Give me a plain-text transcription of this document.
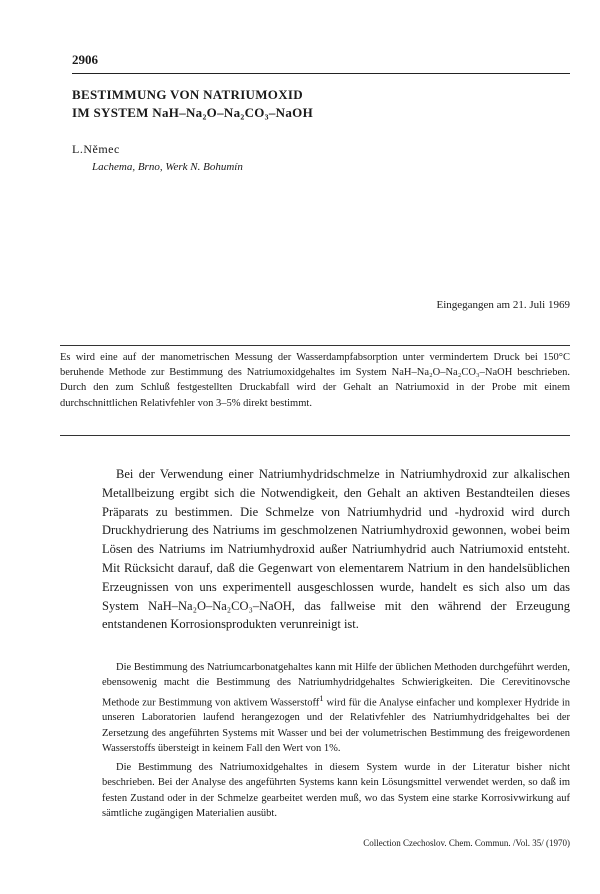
2906
BESTIMMUNG VON NATRIUMOXID
IM SYSTEM NaH–Na₂O–Na₂CO₃–NaOH
L.Němec
Lachema, Brno, Werk N. Bohumín
Eingegangen am 21. Juli 1969
Es wird eine auf der manometrischen Messung der Wasserdampfabsorption unter vermindertem Druck bei 150°C beruhende Methode zur Bestimmung des Natriumoxidgehaltes im System NaH–Na₂O–Na₂CO₃–NaOH beschrieben. Durch den zum Schluß festgestellten Druckabfall wird der Gehalt an Natriumoxid in der Probe mit einem durchschnittlichen Relativfehler von 3–5% direkt bestimmt.

Bei der Verwendung einer Natriumhydridschmelze in Natriumhydroxid zur alkalischen Metallbeizung ergibt sich die Notwendigkeit, den Gehalt an aktiven Bestandteilen dieses Präparats zu bestimmen. Die Schmelze von Natriumhydrid und -hydroxid wird durch Druckhydrierung des Natriums im geschmolzenen Natriumhydroxid gewonnen, wobei beim Lösen des Natriums im Natriumhydroxid außer Natriumhydrid auch Natriumoxid entsteht. Mit Rücksicht darauf, daß die Gegenwart von elementarem Natrium in den handelsüblichen Erzeugnissen von uns experimentell ausgeschlossen wurde, handelt es sich also um das System NaH–Na₂O–Na₂CO₃–NaOH, das fallweise mit den während der Erzeugung entstandenen Korrosionsprodukten verunreinigt ist.

Die Bestimmung des Natriumcarbonatgehaltes kann mit Hilfe der üblichen Methoden durchgeführt werden, ebensowenig macht die Bestimmung des Natriumhydridgehaltes Schwierigkeiten. Die Cerevitinovsche Methode zur Bestimmung von aktivem Wasserstoff$^1$ wird für die Analyse einfacher und komplexer Hydride in unseren Laboratorien laufend herangezogen und der Relativfehler des Natriumhydridgehaltes bei der Zersetzung des angeführten Systems mit Wasser und bei der volumetrischen Bestimmung des freigewordenen Wasserstoffs übersteigt in keinem Fall den Wert von 1%.

Die Bestimmung des Natriumoxidgehaltes in diesem System wurde in der Literatur bisher nicht beschrieben. Bei der Analyse des angeführten Systems kann kein Lösungsmittel verwendet werden, so daß im festen Zustand oder in der Schmelze gearbeitet werden muß, wo das System eine starke Korrosivwirkung auf sämtliche zugängigen Materialien ausübt.

Collection Czechoslov. Chem. Commun. /Vol. 35/ (1970)
